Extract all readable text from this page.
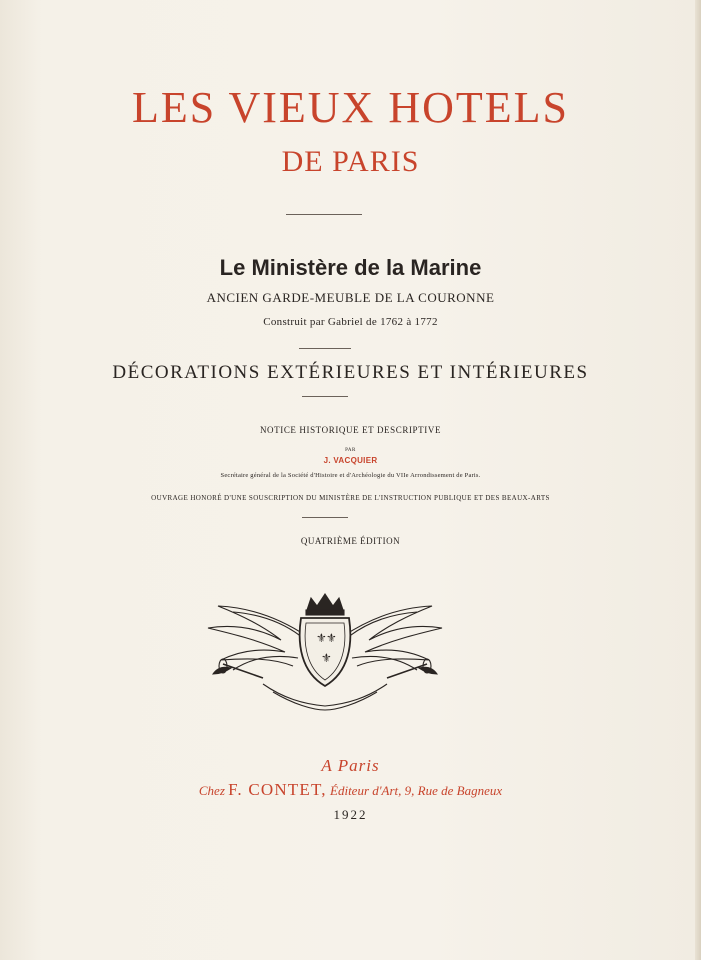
LES VIEUX HOTELS
DE PARIS
Le Ministère de la Marine
ANCIEN GARDE-MEUBLE DE LA COURONNE
Construit par Gabriel de 1762 à 1772
DÉCORATIONS EXTÉRIEURES ET INTÉRIEURES
NOTICE HISTORIQUE ET DESCRIPTIVE
PAR
J. VACQUIER
Secrétaire général de la Société d'Histoire et d'Archéologie du VIIe Arrondissement de Paris.
OUVRAGE HONORÉ D'UNE SOUSCRIPTION DU MINISTÈRE DE L'INSTRUCTION PUBLIQUE ET DES BEAUX-ARTS
QUATRIÈME ÉDITION
⚜ ⚜
⚜
A Paris
Chez F. CONTET, Éditeur d'Art, 9, Rue de Bagneux
1922
